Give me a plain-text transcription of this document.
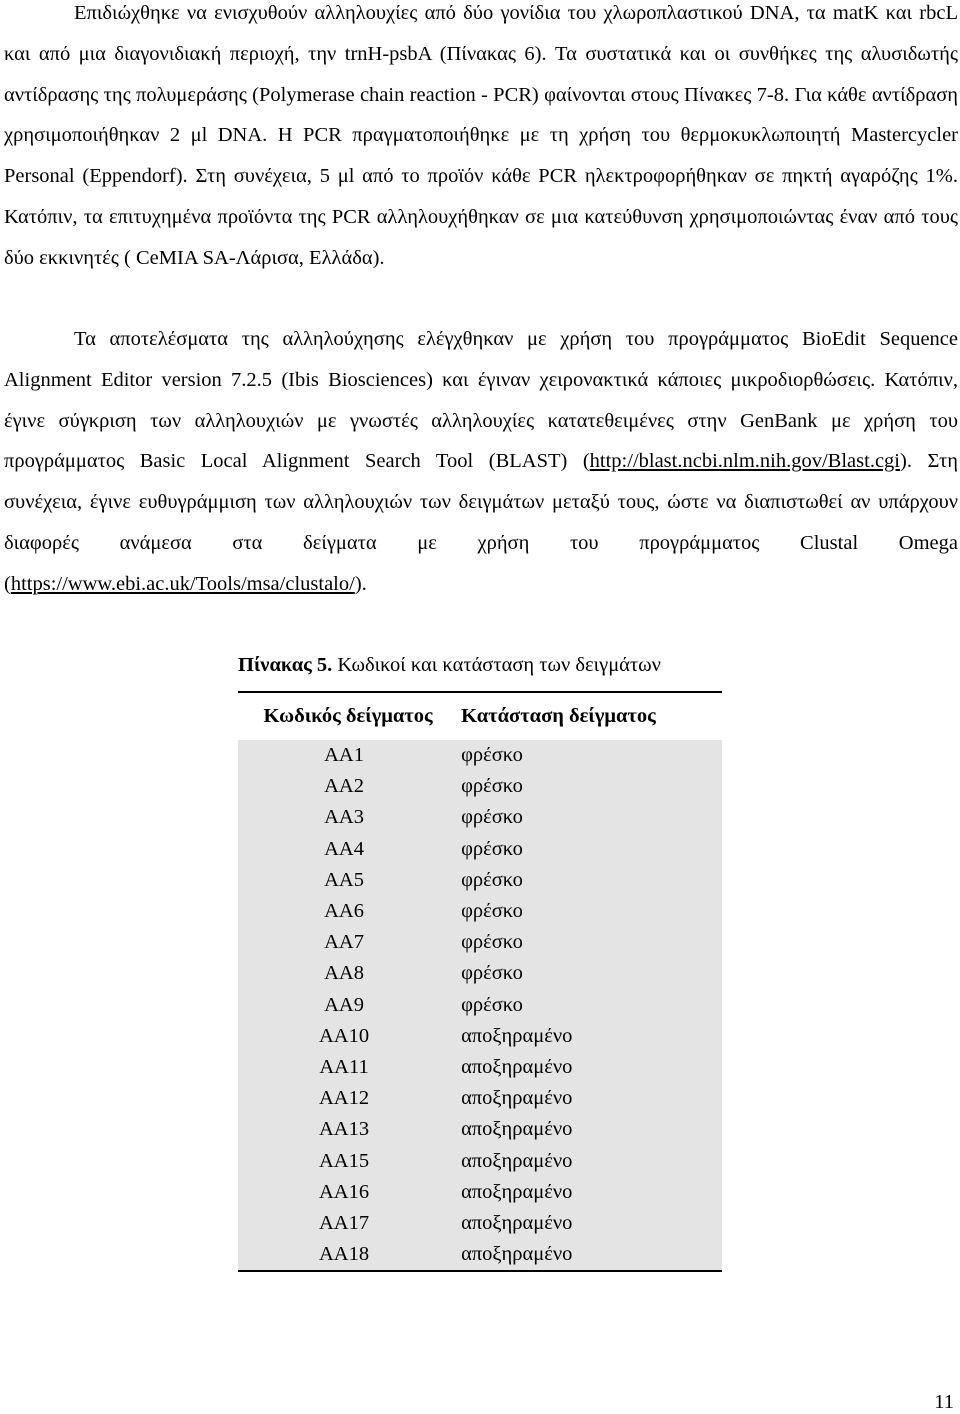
Επιδιώχθηκε να ενισχυθούν αλληλουχίες από δύο γονίδια του χλωροπλαστικού DNA, τα matK και rbcL και από μια διαγονιδιακή περιοχή, την trnH-psbA (Πίνακας 6). Τα συστατικά και οι συνθήκες της αλυσιδωτής αντίδρασης της πολυμεράσης (Polymerase chain reaction - PCR) φαίνονται στους Πίνακες 7-8. Για κάθε αντίδραση χρησιμοποιήθηκαν 2 μl DNA. Η PCR πραγματοποιήθηκε με τη χρήση του θερμοκυκλωποιητή Mastercycler Personal (Eppendorf). Στη συνέχεια, 5 μl από το προϊόν κάθε PCR ηλεκτροφορήθηκαν σε πηκτή αγαρόζης 1%. Κατόπιν, τα επιτυχημένα προϊόντα της PCR αλληλουχήθηκαν σε μια κατεύθυνση χρησιμοποιώντας έναν από τους δύο εκκινητές ( CeMIA SA-Λάρισα, Ελλάδα).

Τα αποτελέσματα της αλληλούχησης ελέγχθηκαν με χρήση του προγράμματος BioEdit Sequence Alignment Editor version 7.2.5 (Ibis Biosciences) και έγιναν χειρονακτικά κάποιες μικροδιορθώσεις. Κατόπιν, έγινε σύγκριση των αλληλουχιών με γνωστές αλληλουχίες κατατεθειμένες στην GenBank με χρήση του προγράμματος Basic Local Alignment Search Tool (BLAST) (http://blast.ncbi.nlm.nih.gov/Blast.cgi). Στη συνέχεια, έγινε ευθυγράμμιση των αλληλουχιών των δειγμάτων μεταξύ τους, ώστε να διαπιστωθεί αν υπάρχουν διαφορές ανάμεσα στα δείγματα με χρήση του προγράμματος Clustal Omega (https://www.ebi.ac.uk/Tools/msa/clustalo/).

Πίνακας 5. Κωδικοί και κατάσταση των δειγμάτων
Κωδικός δείγματος	Κατάσταση δείγματος
AA1	φρέσκο
AA2	φρέσκο
AA3	φρέσκο
AA4	φρέσκο
AA5	φρέσκο
AA6	φρέσκο
AA7	φρέσκο
AA8	φρέσκο
AA9	φρέσκο
AA10	αποξηραμένο
AA11	αποξηραμένο
AA12	αποξηραμένο
AA13	αποξηραμένο
AA15	αποξηραμένο
AA16	αποξηραμένο
AA17	αποξηραμένο
AA18	αποξηραμένο
11
